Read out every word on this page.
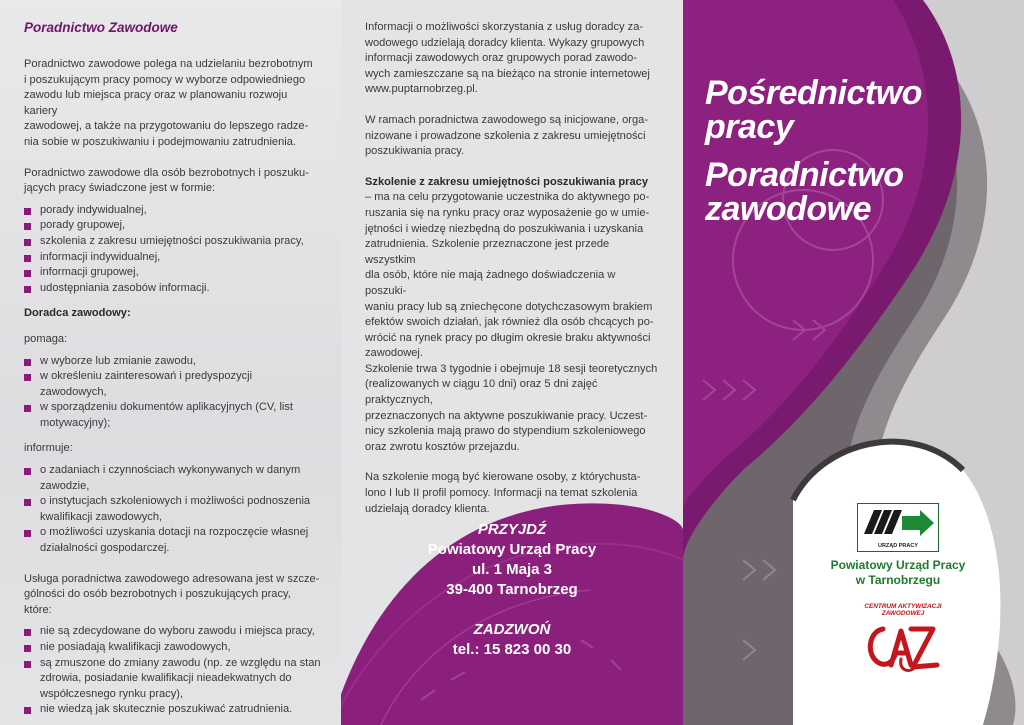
Poradnictwo Zawodowe

Poradnictwo zawodowe polega na udzielaniu bezrobotnym

i poszukującym pracy pomocy w wyborze odpowiedniego

zawodu lub miejsca pracy oraz w planowaniu rozwoju kariery

zawodowej, a także na przygotowaniu do lepszego radze-

nia sobie w poszukiwaniu i podejmowaniu zatrudnienia.

Poradnictwo zawodowe dla osób bezrobotnych i poszuku-

jących pracy świadczone jest w formie:

porady indywidualnej,
porady grupowej,
szkolenia z zakresu umiejętności poszukiwania pracy,
informacji indywidualnej,
informacji grupowej,
udostępniania zasobów informacji.

Doradca zawodowy:

pomaga:

w wyborze lub zmianie zawodu,
w określeniu zainteresowań i predyspozycji zawodowych,
w sporządzeniu dokumentów aplikacyjnych (CV, list motywacyjny);

informuje:

o zadaniach i czynnościach wykonywanych w danym zawodzie,
o instytucjach szkoleniowych i możliwości podnoszenia kwalifikacji zawodowych,
o możliwości uzyskania dotacji na rozpoczęcie własnej działalności gospodarczej.

Usługa poradnictwa zawodowego adresowana jest w szcze-

gólności do osób bezrobotnych i poszukujących pracy, które:

nie są zdecydowane do wyboru zawodu i miejsca pracy,
nie posiadają kwalifikacji zawodowych,
są zmuszone do zmiany zawodu (np. ze względu na stan zdrowia, posiadanie kwalifikacji nieadekwatnych do współczesnego rynku pracy),
nie wiedzą jak skutecznie poszukiwać zatrudnienia.

Informacji o możliwości skorzystania z usług doradcy za-

wodowego udzielają doradcy klienta. Wykazy grupowych

informacji zawodowych oraz grupowych porad zawodo-

wych zamieszczane są na bieżąco na stronie internetowej

www.puptarnobrzeg.pl.

W ramach poradnictwa zawodowego są inicjowane, orga-

nizowane i prowadzone szkolenia z zakresu umiejętności

poszukiwania pracy.

Szkolenie z zakresu umiejętności poszukiwania pracy

– ma na celu przygotowanie uczestnika do aktywnego po-

ruszania się na rynku pracy oraz wyposażenie go w umie-

jętności i wiedzę niezbędną do poszukiwania i uzyskania

zatrudnienia. Szkolenie przeznaczone jest przede wszystkim

dla osób, które nie mają żadnego doświadczenia w poszuki-

waniu pracy lub są zniechęcone dotychczasowym brakiem

efektów swoich działań, jak również dla osób chcących po-

wrócić na rynek pracy po długim okresie braku aktywności

zawodowej.

Szkolenie trwa 3 tygodnie i obejmuje 18 sesji teoretycznych

(realizowanych w ciągu 10 dni) oraz 5 dni zajęć praktycznych,

przeznaczonych na aktywne poszukiwanie pracy. Uczest-

nicy szkolenia mają prawo do stypendium szkoleniowego

oraz zwrotu kosztów przejazdu.

Na szkolenie mogą być kierowane osoby, z którychusta-

lono I lub II profil pomocy. Informacji na temat szkolenia

udzielają doradcy klienta.

PRZYJDŹ
Powiatowy Urząd Pracy
ul. 1 Maja 3
39-400 Tarnobrzeg
ZADZWOŃ
tel.: 15 823 00 30
Pośrednictwo
pracy
Poradnictwo
zawodowe
URZĄD PRACY
Powiatowy Urząd Pracy
w Tarnobrzegu
CENTRUM AKTYWIZACJI ZAWODOWEJ
